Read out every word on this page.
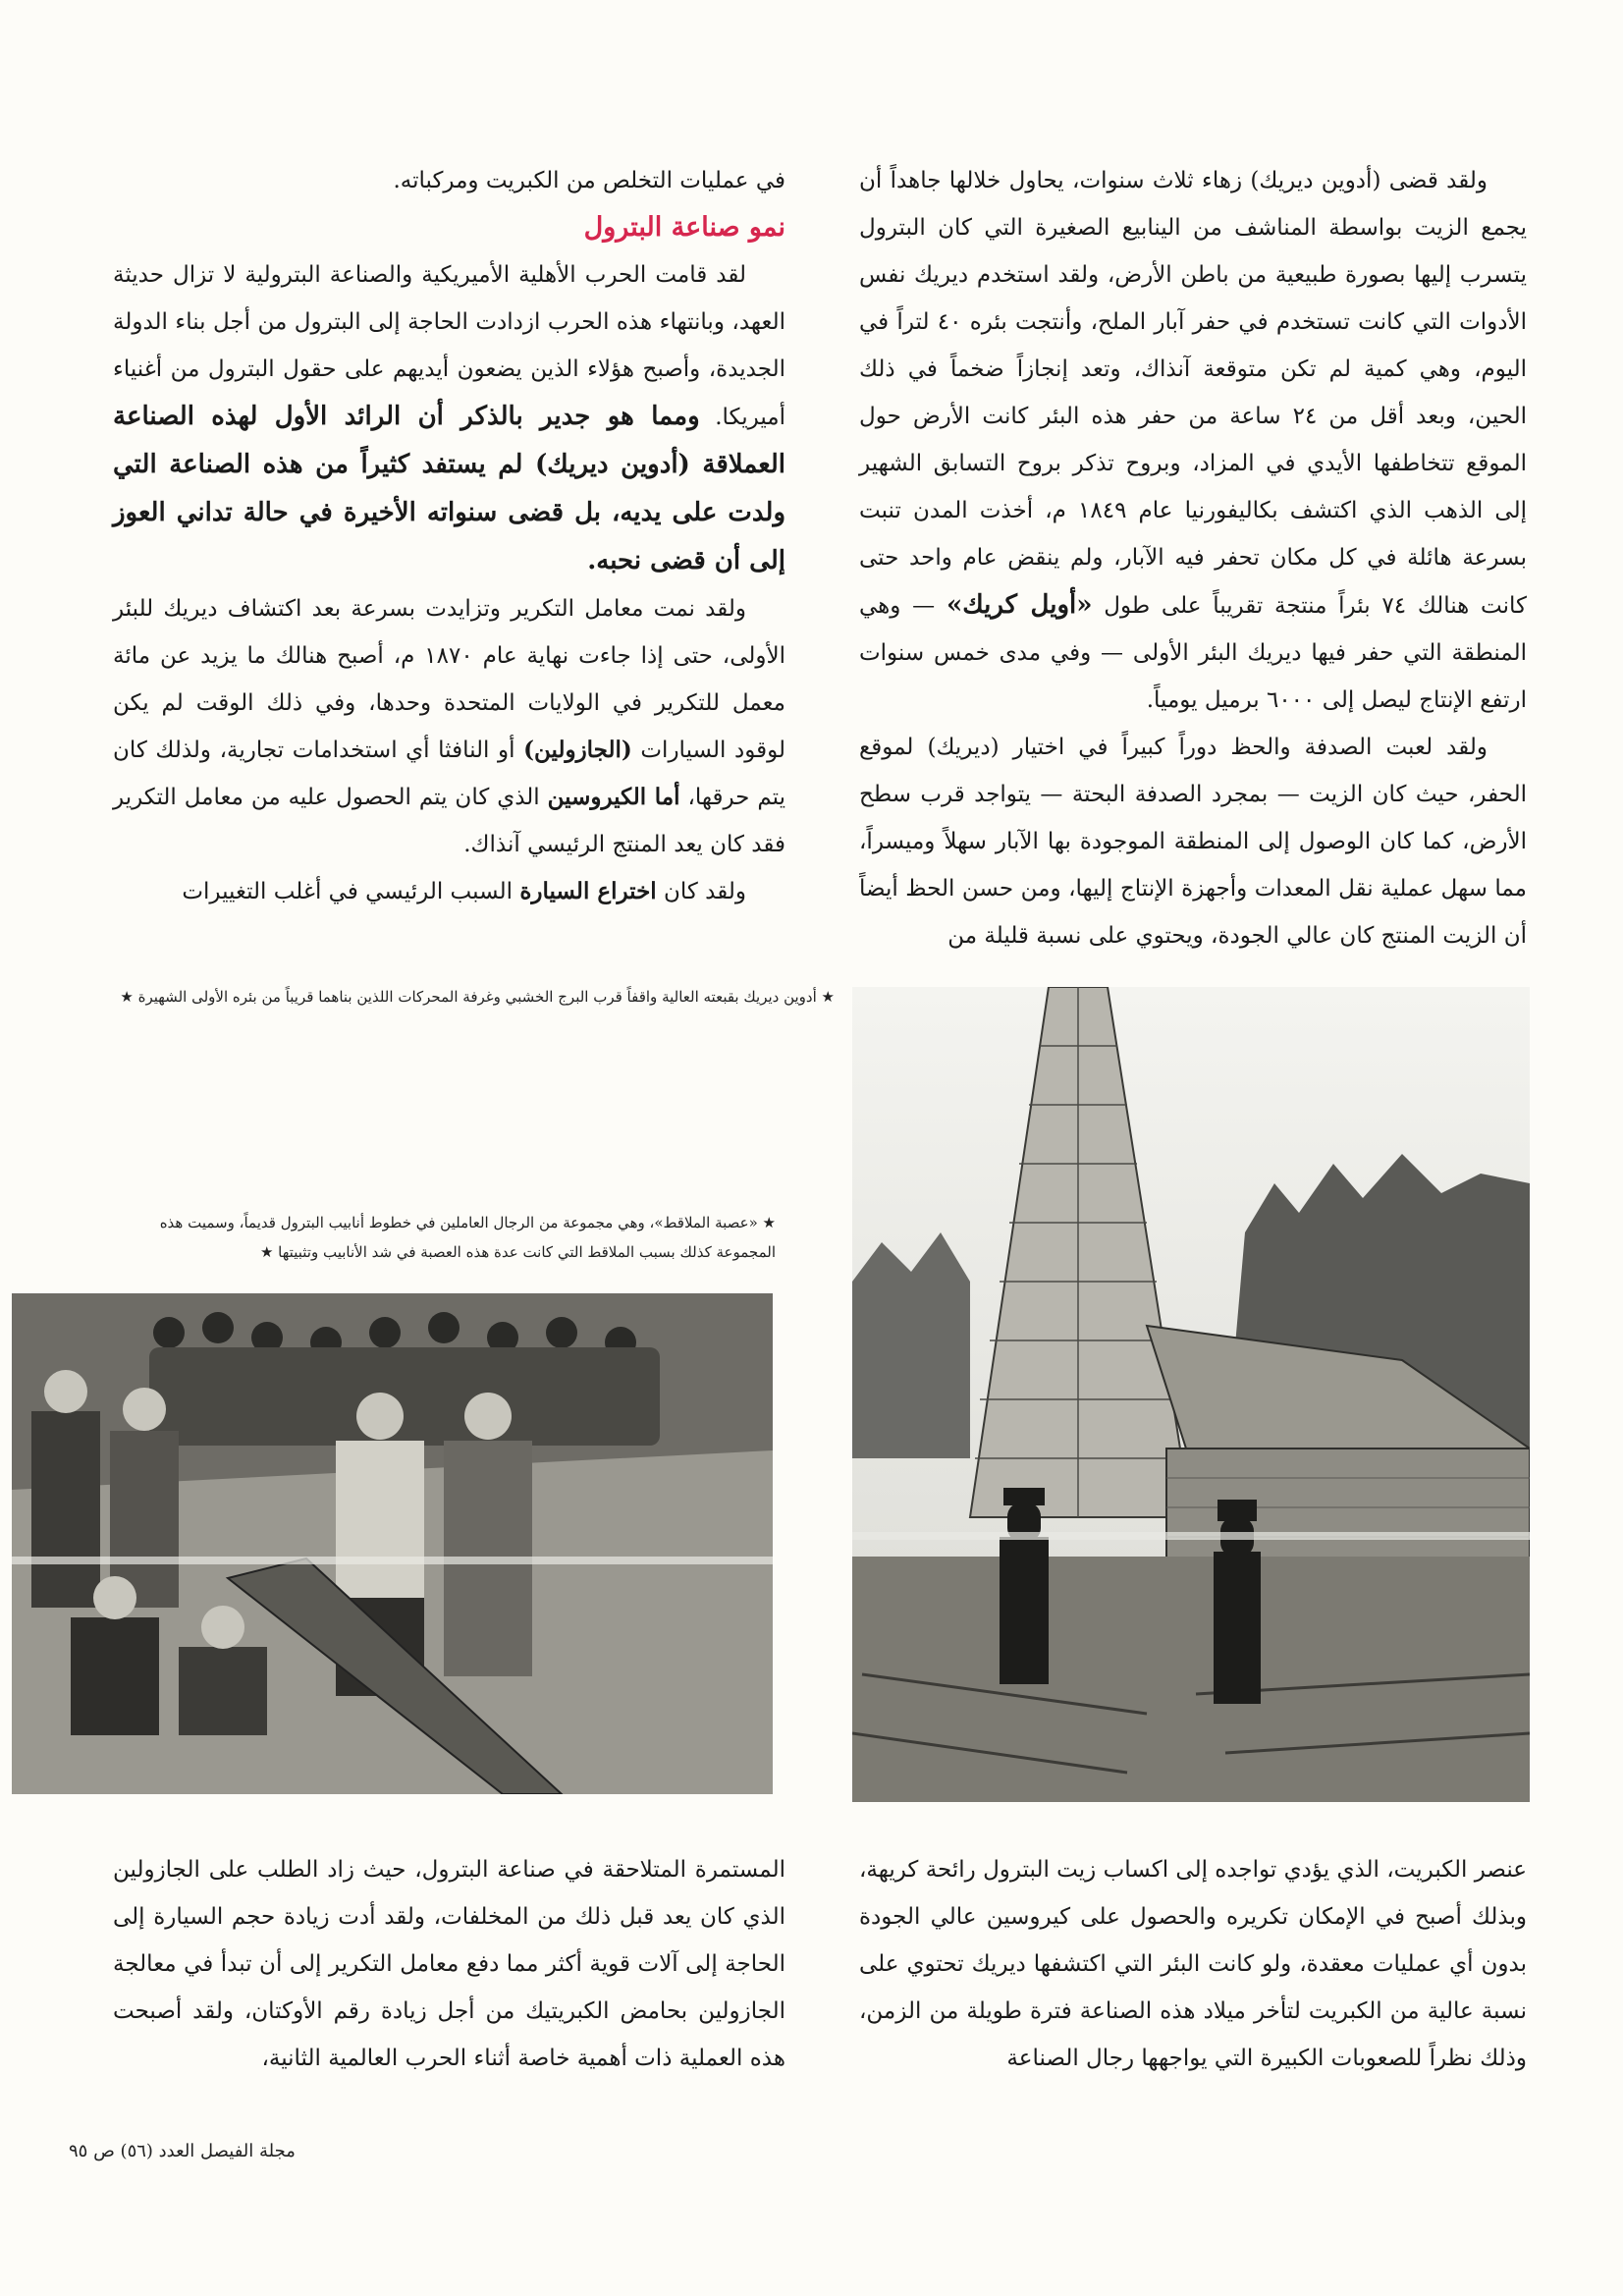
ولقد قضى (أدوين ديريك) زهاء ثلاث سنوات، يحاول خلالها جاهداً أن يجمع الزيت بواسطة المناشف من الينابيع الصغيرة التي كان البترول يتسرب إليها بصورة طبيعية من باطن الأرض، ولقد استخدم ديريك نفس الأدوات التي كانت تستخدم في حفر آبار الملح، وأنتجت بئره ٤٠ لتراً في اليوم، وهي كمية لم تكن متوقعة آنذاك، وتعد إنجازاً ضخماً في ذلك الحين، وبعد أقل من ٢٤ ساعة من حفر هذه البئر كانت الأرض حول الموقع تتخاطفها الأيدي في المزاد، وبروح تذكر بروح التسابق الشهير إلى الذهب الذي اكتشف بكاليفورنيا عام ١٨٤٩ م، أخذت المدن تنبت بسرعة هائلة في كل مكان تحفر فيه الآبار، ولم ينقض عام واحد حتى كانت هنالك ٧٤ بئراً منتجة تقريباً على طول «أويل كريك» — وهي المنطقة التي حفر فيها ديريك البئر الأولى — وفي مدى خمس سنوات ارتفع الإنتاج ليصل إلى ٦٠٠٠ برميل يومياً.

ولقد لعبت الصدفة والحظ دوراً كبيراً في اختيار (ديريك) لموقع الحفر، حيث كان الزيت — بمجرد الصدفة البحتة — يتواجد قرب سطح الأرض، كما كان الوصول إلى المنطقة الموجودة بها الآبار سهلاً وميسراً، مما سهل عملية نقل المعدات وأجهزة الإنتاج إليها، ومن حسن الحظ أيضاً أن الزيت المنتج كان عالي الجودة، ويحتوي على نسبة قليلة من

في عمليات التخلص من الكبريت ومركباته.

نمو صناعة البترول

لقد قامت الحرب الأهلية الأميريكية والصناعة البترولية لا تزال حديثة العهد، وبانتهاء هذه الحرب ازدادت الحاجة إلى البترول من أجل بناء الدولة الجديدة، وأصبح هؤلاء الذين يضعون أيديهم على حقول البترول من أغنياء أميريكا. ومما هو جدير بالذكر أن الرائد الأول لهذه الصناعة العملاقة (أدوين ديريك) لم يستفد كثيراً من هذه الصناعة التي ولدت على يديه، بل قضى سنواته الأخيرة في حالة تداني العوز إلى أن قضى نحبه.

ولقد نمت معامل التكرير وتزايدت بسرعة بعد اكتشاف ديريك للبئر الأولى، حتى إذا جاءت نهاية عام ١٨٧٠ م، أصبح هنالك ما يزيد عن مائة معمل للتكرير في الولايات المتحدة وحدها، وفي ذلك الوقت لم يكن لوقود السيارات (الجازولين) أو النافثا أي استخدامات تجارية، ولذلك كان يتم حرقها، أما الكيروسين الذي كان يتم الحصول عليه من معامل التكرير فقد كان يعد المنتج الرئيسي آنذاك.

ولقد كان اختراع السيارة السبب الرئيسي في أغلب التغييرات

★ أدوين ديريك بقبعته العالية واقفاً قرب البرج الخشبي وغرفة المحركات اللذين بناهما قريباً من بئره الأولى الشهيرة ★
★ «عصبة الملاقط»، وهي مجموعة من الرجال العاملين في خطوط أنابيب البترول قديماً، وسميت هذه المجموعة كذلك بسبب الملاقط التي كانت عدة هذه العصبة في شد الأنابيب وتثبيتها ★

عنصر الكبريت، الذي يؤدي تواجده إلى اكساب زيت البترول رائحة كريهة، وبذلك أصبح في الإمكان تكريره والحصول على كيروسين عالي الجودة بدون أي عمليات معقدة، ولو كانت البئر التي اكتشفها ديريك تحتوي على نسبة عالية من الكبريت لتأخر ميلاد هذه الصناعة فترة طويلة من الزمن، وذلك نظراً للصعوبات الكبيرة التي يواجهها رجال الصناعة

المستمرة المتلاحقة في صناعة البترول، حيث زاد الطلب على الجازولين الذي كان يعد قبل ذلك من المخلفات، ولقد أدت زيادة حجم السيارة إلى الحاجة إلى آلات قوية أكثر مما دفع معامل التكرير إلى أن تبدأ في معالجة الجازولين بحامض الكبريتيك من أجل زيادة رقم الأوكتان، ولقد أصبحت هذه العملية ذات أهمية خاصة أثناء الحرب العالمية الثانية،

مجلة الفيصل العدد (٥٦) ص ٩٥
